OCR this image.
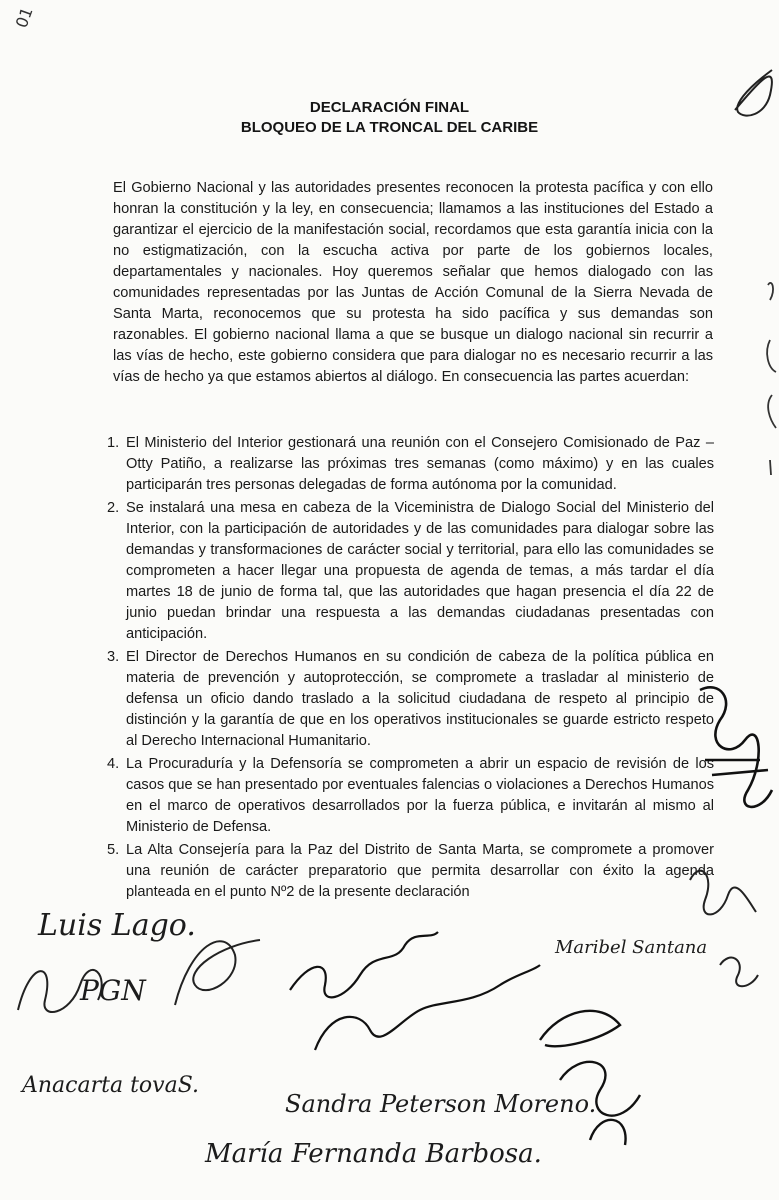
01
DECLARACIÓN FINAL
BLOQUEO DE LA TRONCAL DEL CARIBE
El Gobierno Nacional y las autoridades presentes reconocen la protesta pacífica y con ello honran la constitución y la ley, en consecuencia; llamamos a las instituciones del Estado a garantizar el ejercicio de la manifestación social, recordamos que esta garantía inicia con la no estigmatización, con la escucha activa por parte de los gobiernos locales, departamentales y nacionales. Hoy queremos señalar que hemos dialogado con las comunidades representadas por las Juntas de Acción Comunal de la Sierra Nevada de Santa Marta, reconocemos que su protesta ha sido pacífica y sus demandas son razonables. El gobierno nacional llama a que se busque un dialogo nacional sin recurrir a las vías de hecho, este gobierno considera que para dialogar no es necesario recurrir a las vías de hecho ya que estamos abiertos al diálogo. En consecuencia las partes acuerdan:
1. El Ministerio del Interior gestionará una reunión con el Consejero Comisionado de Paz – Otty Patiño, a realizarse las próximas tres semanas (como máximo) y en las cuales participarán tres personas delegadas de forma autónoma por la comunidad.
2. Se instalará una mesa en cabeza de la Viceministra de Dialogo Social del Ministerio del Interior, con la participación de autoridades y de las comunidades para dialogar sobre las demandas y transformaciones de carácter social y territorial, para ello las comunidades se comprometen a hacer llegar una propuesta de agenda de temas, a más tardar el día martes 18 de junio de forma tal, que las autoridades que hagan presencia el día 22 de junio puedan brindar una respuesta a las demandas ciudadanas presentadas con anticipación.
3. El Director de Derechos Humanos en su condición de cabeza de la política pública en materia de prevención y autoprotección, se compromete a trasladar al ministerio de defensa un oficio dando traslado a la solicitud ciudadana de respeto al principio de distinción y la garantía de que en los operativos institucionales se guarde estricto respeto al Derecho Internacional Humanitario.
4. La Procuraduría y la Defensoría se comprometen a abrir un espacio de revisión de los casos que se han presentado por eventuales falencias o violaciones a Derechos Humanos en el marco de operativos desarrollados por la fuerza pública, e invitarán al mismo al Ministerio de Defensa.
5. La Alta Consejería para la Paz del Distrito de Santa Marta, se compromete a promover una reunión de carácter preparatorio que permita desarrollar con éxito la agenda planteada en el punto Nº2 de la presente declaración
Luis Lago.
PGN
Anacarta tovaS.
Maribel Santana
Sandra Peterson Moreno.
María Fernanda Barbosa.
